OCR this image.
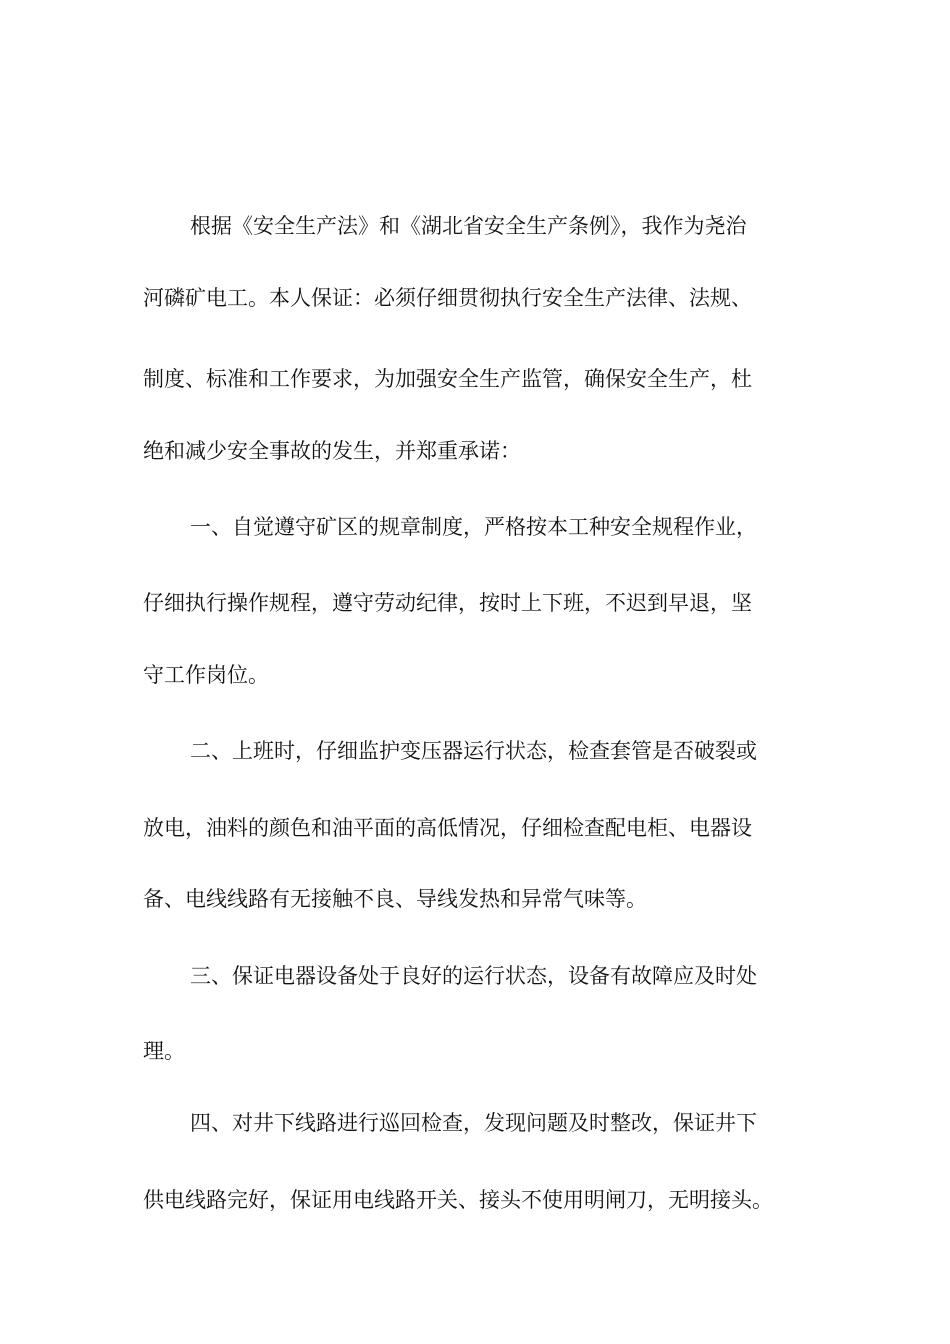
根据《安全生产法》和《湖北省安全生产条例》，我作为尧治
河磷矿电工。本人保证：必须仔细贯彻执行安全生产法律、法规、
制度、标准和工作要求，为加强安全生产监管，确保安全生产，杜
绝和减少安全事故的发生，并郑重承诺：
一、自觉遵守矿区的规章制度，严格按本工种安全规程作业，
仔细执行操作规程，遵守劳动纪律，按时上下班，不迟到早退，坚
守工作岗位。
二、上班时，仔细监护变压器运行状态，检查套管是否破裂或
放电，油料的颜色和油平面的高低情况，仔细检查配电柜、电器设
备、电线线路有无接触不良、导线发热和异常气味等。
三、保证电器设备处于良好的运行状态，设备有故障应及时处
理。
四、对井下线路进行巡回检查，发现问题及时整改，保证井下
供电线路完好，保证用电线路开关、接头不使用明闸刀，无明接头。
